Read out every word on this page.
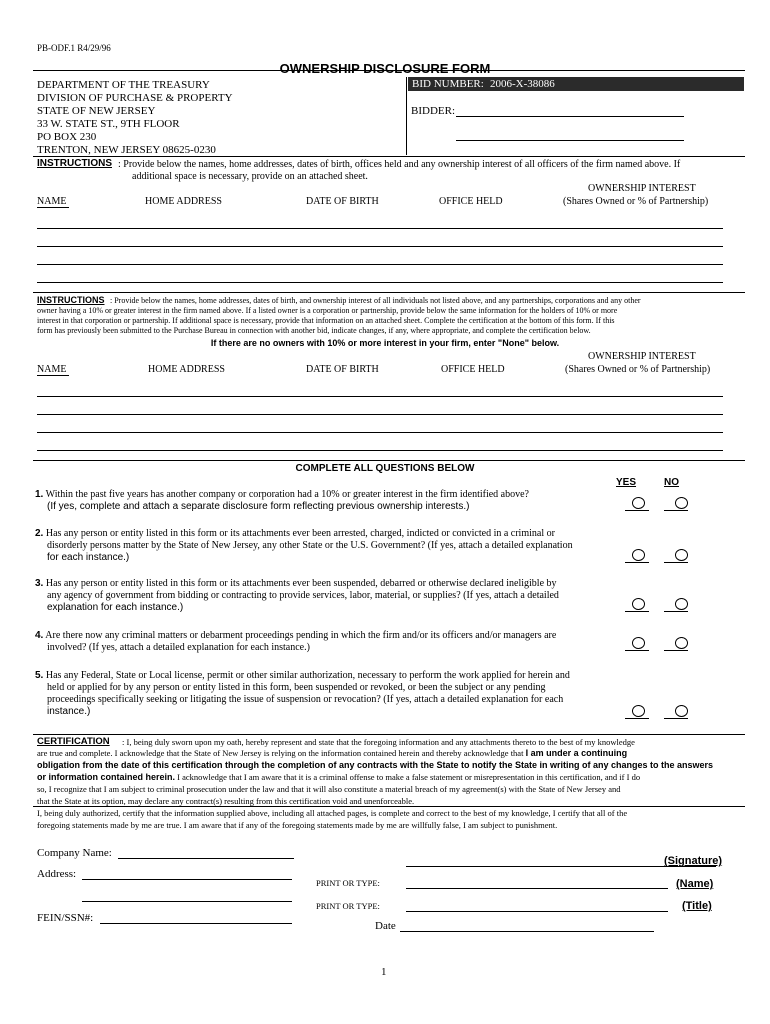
PB-ODF.1 R4/29/96
OWNERSHIP DISCLOSURE FORM
DEPARTMENT OF THE TREASURY
DIVISION OF PURCHASE & PROPERTY
STATE OF NEW JERSEY
33 W. STATE ST., 9TH FLOOR
PO BOX 230
TRENTON, NEW JERSEY 08625-0230
BID NUMBER: 2006-X-38086
BIDDER:
INSTRUCTIONS : Provide below the names, home addresses, dates of birth, offices held and any ownership interest of all officers of the firm named above. If
additional space is necessary, provide on an attached sheet.
OWNERSHIP INTEREST
NAME	HOME ADDRESS	DATE OF BIRTH	OFFICE HELD	(Shares Owned or % of Partnership)
INSTRUCTIONS : Provide below the names, home addresses, dates of birth, and ownership interest of all individuals not listed above, and any partnerships, corporations and any other
owner having a 10% or greater interest in the firm named above. If a listed owner is a corporation or partnership, provide below the same information for the holders of 10% or more
interest in that corporation or partnership. If additional space is necessary, provide that information on an attached sheet. Complete the certification at the bottom of this form. If this
form has previously been submitted to the Purchase Bureau in connection with another bid, indicate changes, if any, where appropriate, and complete the certification below.
If there are no owners with 10% or more interest in your firm, enter "None" below.
OWNERSHIP INTEREST
NAME	HOME ADDRESS	DATE OF BIRTH	OFFICE HELD	(Shares Owned or % of Partnership)
COMPLETE ALL QUESTIONS BELOW
YES	NO
1. Within the past five years has another company or corporation had a 10% or greater interest in the firm identified above?
(If yes, complete and attach a separate disclosure form reflecting previous ownership interests.)
2. Has any person or entity listed in this form or its attachments ever been arrested, charged, indicted or convicted in a criminal or
disorderly persons matter by the State of New Jersey, any other State or the U.S. Government? (If yes, attach a detailed explanation
for each instance.)
3. Has any person or entity listed in this form or its attachments ever been suspended, debarred or otherwise declared ineligible by
any agency of government from bidding or contracting to provide services, labor, material, or supplies? (If yes, attach a detailed
explanation for each instance.)
4. Are there now any criminal matters or debarment proceedings pending in which the firm and/or its officers and/or managers are
involved? (If yes, attach a detailed explanation for each instance.)
5. Has any Federal, State or Local license, permit or other similar authorization, necessary to perform the work applied for herein and
held or applied for by any person or entity listed in this form, been suspended or revoked, or been the subject or any pending
proceedings specifically seeking or litigating the issue of suspension or revocation? (If yes, attach a detailed explanation for each
instance.)
CERTIFICATION : I, being duly sworn upon my oath, hereby represent and state that the foregoing information and any attachments thereto to the best of my knowledge
are true and complete. I acknowledge that the State of New Jersey is relying on the information contained herein and thereby acknowledge that I am under a continuing
obligation from the date of this certification through the completion of any contracts with the State to notify the State in writing of any changes to the answers
or information contained herein. I acknowledge that I am aware that it is a criminal offense to make a false statement or misrepresentation in this certification, and if I do
so, I recognize that I am subject to criminal prosecution under the law and that it will also constitute a material breach of my agreement(s) with the State of New Jersey and
that the State at its option, may declare any contract(s) resulting from this certification void and unenforceable.
I, being duly authorized, certify that the information supplied above, including all attached pages, is complete and correct to the best of my knowledge, I certify that all of the
foregoing statements made by me are true. I am aware that if any of the foregoing statements made by me are willfully false, I am subject to punishment.
Company Name:
Address:
FEIN/SSN#:
(Signature)
PRINT OR TYPE:	(Name)
PRINT OR TYPE:	(Title)
Date
1
